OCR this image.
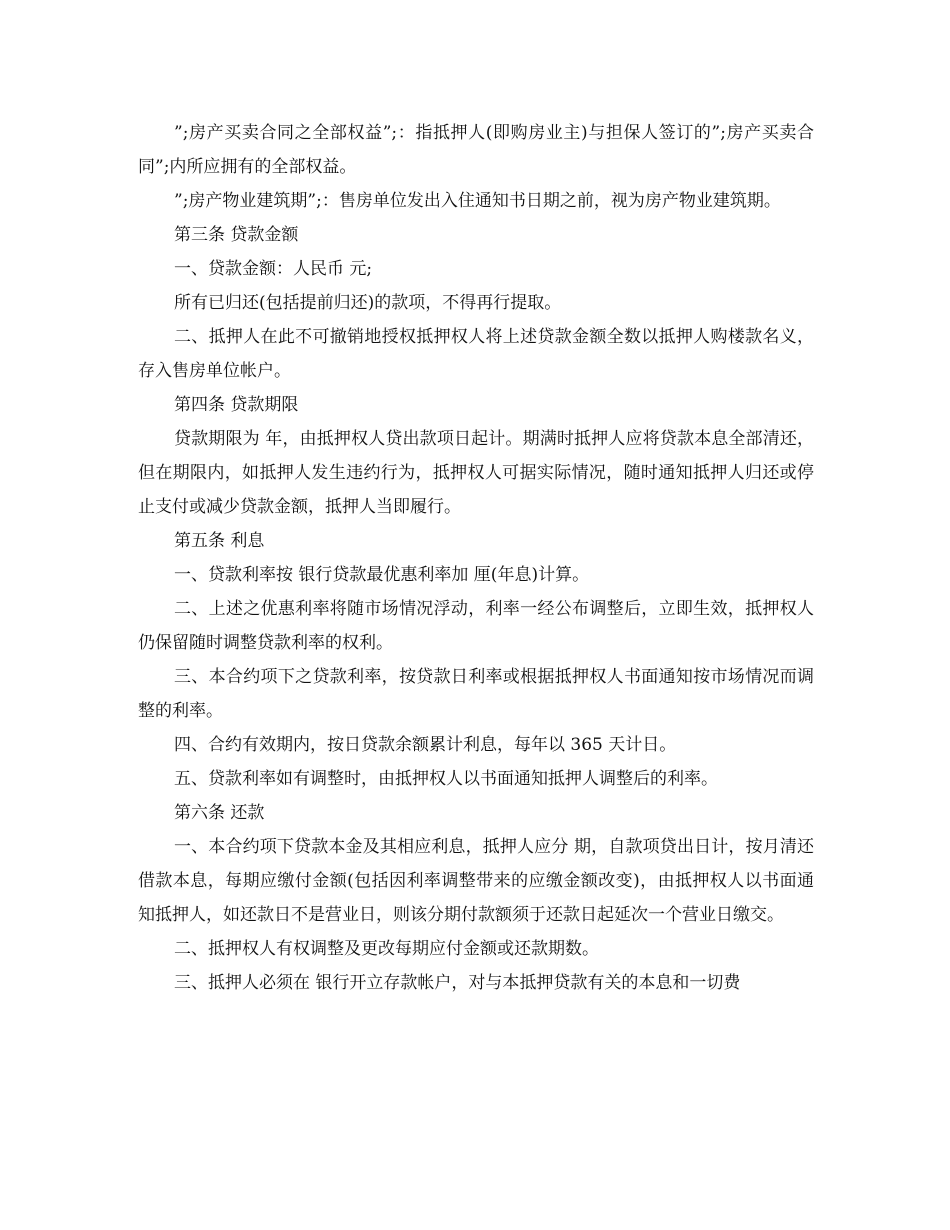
”;房产买卖合同之全部权益”;：指抵押人(即购房业主)与担保人签订的”;房产买卖合同”;内所应拥有的全部权益。

”;房产物业建筑期”;：售房单位发出入住通知书日期之前，视为房产物业建筑期。

第三条 贷款金额

一、贷款金额：人民币 元;

所有已归还(包括提前归还)的款项，不得再行提取。

二、抵押人在此不可撤销地授权抵押权人将上述贷款金额全数以抵押人购楼款名义，存入售房单位帐户。

第四条 贷款期限

贷款期限为 年，由抵押权人贷出款项日起计。期满时抵押人应将贷款本息全部清还，但在期限内，如抵押人发生违约行为，抵押权人可据实际情况，随时通知抵押人归还或停止支付或减少贷款金额，抵押人当即履行。

第五条 利息

一、贷款利率按 银行贷款最优惠利率加 厘(年息)计算。

二、上述之优惠利率将随市场情况浮动，利率一经公布调整后，立即生效，抵押权人仍保留随时调整贷款利率的权利。

三、本合约项下之贷款利率，按贷款日利率或根据抵押权人书面通知按市场情况而调整的利率。

四、合约有效期内，按日贷款余额累计利息，每年以 365 天计日。

五、贷款利率如有调整时，由抵押权人以书面通知抵押人调整后的利率。

第六条 还款

一、本合约项下贷款本金及其相应利息，抵押人应分 期，自款项贷出日计，按月清还借款本息，每期应缴付金额(包括因利率调整带来的应缴金额改变)，由抵押权人以书面通知抵押人，如还款日不是营业日，则该分期付款额须于还款日起延次一个营业日缴交。

二、抵押权人有权调整及更改每期应付金额或还款期数。

三、抵押人必须在 银行开立存款帐户，对与本抵押贷款有关的本息和一切费
